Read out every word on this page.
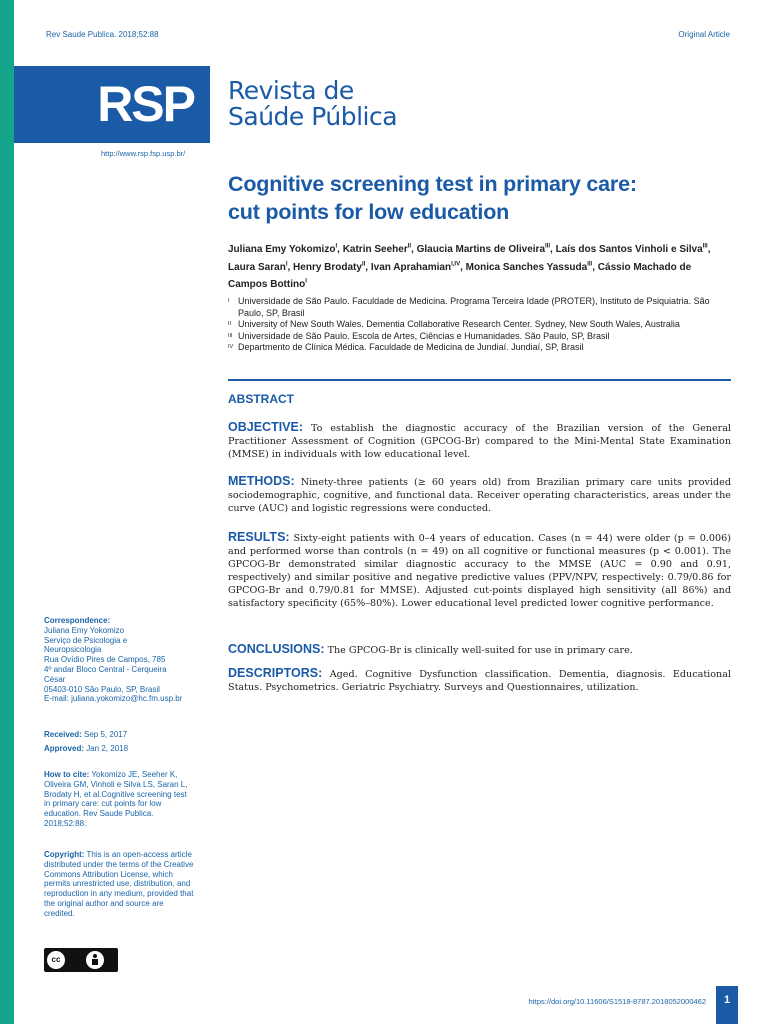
Rev Saude Publica. 2018;52:88	Original Article
RSP Revista de
Saúde Pública
http://www.rsp.fsp.usp.br/
Cognitive screening test in primary care:
cut points for low education
Juliana Emy Yokomizo$^I$, Katrin Seeher$^{II}$, Glaucia Martins de Oliveira$^{III}$, Laís dos Santos Vinholi e Silva$^{III}$, Laura Saran$^I$, Henry Brodaty$^{II}$, Ivan Aprahamian$^{I,IV}$, Monica Sanches Yassuda$^{III}$, Cássio Machado de Campos Bottino$^I$
I Universidade de São Paulo. Faculdade de Medicina. Programa Terceira Idade (PROTER), Instituto de Psiquiatria. São Paulo, SP, Brasil
II University of New South Wales. Dementia Collaborative Research Center. Sydney, New South Wales, Australia
III Universidade de São Paulo. Escola de Artes, Ciências e Humanidades. São Paulo, SP, Brasil
IV Departmento de Clínica Médica. Faculdade de Medicina de Jundiaí. Jundiaí, SP, Brasil
ABSTRACT
OBJECTIVE: To establish the diagnostic accuracy of the Brazilian version of the General Practitioner Assessment of Cognition (GPCOG-Br) compared to the Mini-Mental State Examination (MMSE) in individuals with low educational level.
METHODS: Ninety-three patients (≥ 60 years old) from Brazilian primary care units provided sociodemographic, cognitive, and functional data. Receiver operating characteristics, areas under the curve (AUC) and logistic regressions were conducted.
RESULTS: Sixty-eight patients with 0–4 years of education. Cases (n = 44) were older (p = 0.006) and performed worse than controls (n = 49) on all cognitive or functional measures (p < 0.001). The GPCOG-Br demonstrated similar diagnostic accuracy to the MMSE (AUC = 0.90 and 0.91, respectively) and similar positive and negative predictive values (PPV/NPV, respectively: 0.79/0.86 for GPCOG-Br and 0.79/0.81 for MMSE). Adjusted cut-points displayed high sensitivity (all 86%) and satisfactory specificity (65%–80%). Lower educational level predicted lower cognitive performance.
CONCLUSIONS: The GPCOG-Br is clinically well-suited for use in primary care.
DESCRIPTORS: Aged. Cognitive Dysfunction classification. Dementia, diagnosis. Educational Status. Psychometrics. Geriatric Psychiatry. Surveys and Questionnaires, utilization.
Correspondence:
Juliana Emy Yokomizo
Serviço de Psicologia e
Neuropsicologia
Rua Ovídio Pires de Campos, 785
4º andar Bloco Central - Cerqueira
César
05403-010 São Paulo, SP, Brasil
E-mail: juliana.yokomizo@hc.fm.usp.br
Received: Sep 5, 2017
Approved: Jan 2, 2018
How to cite: Yokomizo JE, Seeher K, Oliveira GM, Vinholi e Silva LS, Saran L, Brodaty H, et al.Cognitive screening test in primary care: cut points for low education. Rev Saude Publica. 2018;52:88.
Copyright: This is an open-access article distributed under the terms of the Creative Commons Attribution License, which permits unrestricted use, distribution, and reproduction in any medium, provided that the original author and source are credited.
cc
https://doi.org/10.11606/S1518-8787.2018052000462	1
